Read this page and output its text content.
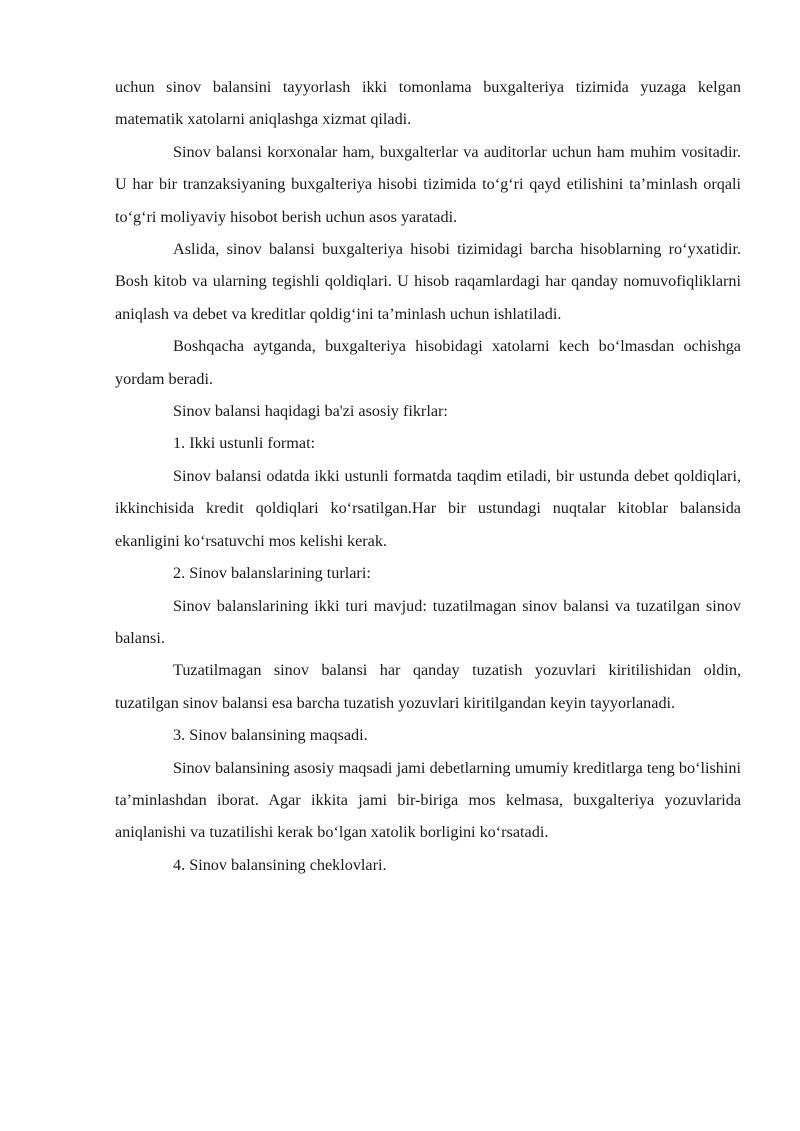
uchun sinov balansini tayyorlash ikki tomonlama buxgalteriya tizimida yuzaga kelgan matematik xatolarni aniqlashga xizmat qiladi.

Sinov balansi korxonalar ham, buxgalterlar va auditorlar uchun ham muhim vositadir. U har bir tranzaksiyaning buxgalteriya hisobi tizimida to‘g‘ri qayd etilishini ta’minlash orqali to‘g‘ri moliyaviy hisobot berish uchun asos yaratadi.

Aslida, sinov balansi buxgalteriya hisobi tizimidagi barcha hisoblarning ro‘yxatidir. Bosh kitob va ularning tegishli qoldiqlari. U hisob raqamlardagi har qanday nomuvofiqliklarni aniqlash va debet va kreditlar qoldig‘ini ta’minlash uchun ishlatiladi.

Boshqacha aytganda, buxgalteriya hisobidagi xatolarni kech bo‘lmasdan ochishga yordam beradi.

Sinov balansi haqidagi ba'zi asosiy fikrlar:

1. Ikki ustunli format:

Sinov balansi odatda ikki ustunli formatda taqdim etiladi, bir ustunda debet qoldiqlari, ikkinchisida kredit qoldiqlari ko‘rsatilgan.Har bir ustundagi nuqtalar kitoblar balansida ekanligini ko‘rsatuvchi mos kelishi kerak.

2. Sinov balanslarining turlari:

Sinov balanslarining ikki turi mavjud: tuzatilmagan sinov balansi va tuzatilgan sinov balansi.

Tuzatilmagan sinov balansi har qanday tuzatish yozuvlari kiritilishidan oldin, tuzatilgan sinov balansi esa barcha tuzatish yozuvlari kiritilgandan keyin tayyorlanadi.

3. Sinov balansining maqsadi.

Sinov balansining asosiy maqsadi jami debetlarning umumiy kreditlarga teng bo‘lishini ta’minlashdan iborat. Agar ikkita jami bir-biriga mos kelmasa, buxgalteriya yozuvlarida aniqlanishi va tuzatilishi kerak bo‘lgan xatolik borligini ko‘rsatadi.

4. Sinov balansining cheklovlari.
